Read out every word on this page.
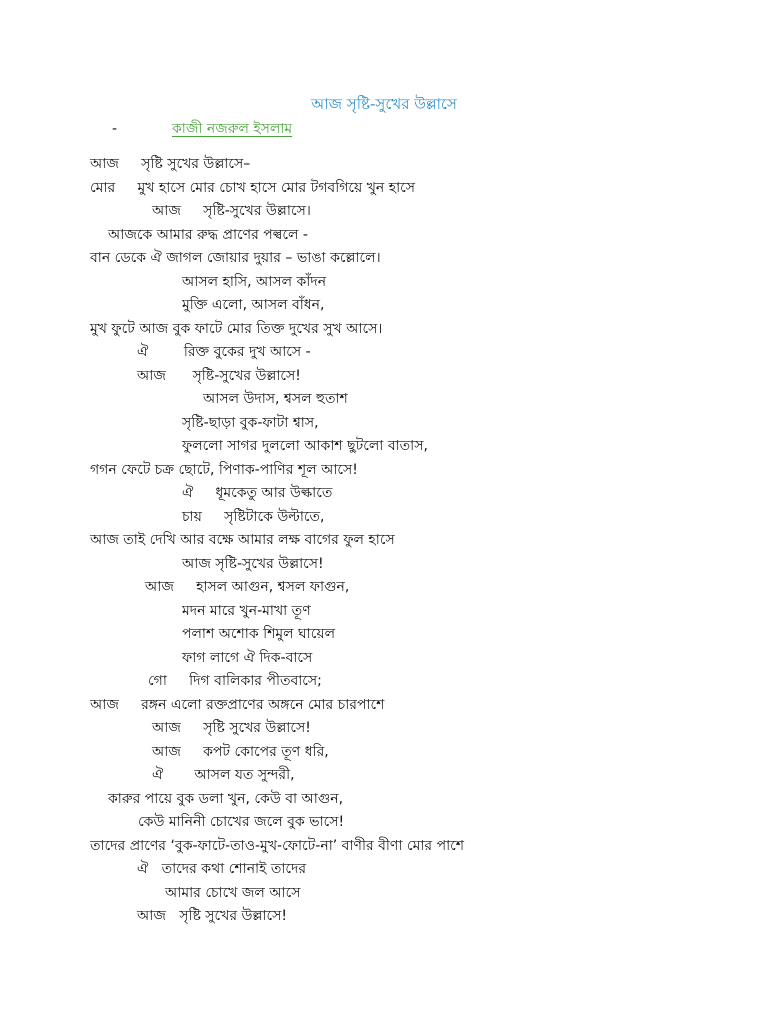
আজ সৃষ্টি-সুখের উল্লাসে
-	কাজী নজরুল ইসলাম
আজ     সৃষ্টি সুখের উল্লাসে–
মোর     মুখ হাসে মোর চোখ হাসে মোর টগবগিয়ে খুন হাসে
আজ     সৃষ্টি-সুখের উল্লাসে।
আজকে আমার রুদ্ধ প্রাণের পল্বলে -
বান ডেকে ঐ জাগল জোয়ার দুয়ার – ভাঙা কল্লোলে।
আসল হাসি, আসল কাঁদন
মুক্তি এলো, আসল বাঁধন,
মুখ ফুটে আজ বুক ফাটে মোর তিক্ত দুখের সুখ আসে।
ঐ        রিক্ত বুকের দুখ আসে -
আজ      সৃষ্টি-সুখের উল্লাসে!
আসল উদাস, শ্বসল হুতাশ
সৃষ্টি-ছাড়া বুক-ফাটা শ্বাস,
ফুললো সাগর দুললো আকাশ ছুটলো বাতাস,
গগন ফেটে চক্র ছোটে, পিণাক-পাণির শূল আসে!
ঐ     ধূমকেতু আর উল্কাতে
চায়     সৃষ্টিটাকে উল্টাতে,
আজ তাই দেখি আর বক্ষে আমার লক্ষ বাগের ফুল হাসে
আজ সৃষ্টি-সুখের উল্লাসে!
আজ     হাসল আগুন, শ্বসল ফাগুন,
মদন মারে খুন-মাখা তূণ
পলাশ অশোক শিমুল ঘায়েল
ফাগ লাগে ঐ দিক-বাসে
গো     দিগ বালিকার পীতবাসে;
আজ     রঙ্গন এলো রক্তপ্রাণের অঙ্গনে মোর চারপাশে
আজ     সৃষ্টি সুখের উল্লাসে!
আজ     কপট কোপের তূণ ধরি,
ঐ       আসল যত সুন্দরী,
কারুর পায়ে বুক ডলা খুন, কেউ বা আগুন,
কেউ মানিনী চোখের জলে বুক ভাসে!
তাদের প্রাণের ‘বুক-ফাটে-তাও-মুখ-ফোটে-না’ বাণীর বীণা মোর পাশে
ঐ   তাদের কথা শোনাই তাদের
আমার চোখে জল আসে
আজ   সৃষ্টি সুখের উল্লাসে!
